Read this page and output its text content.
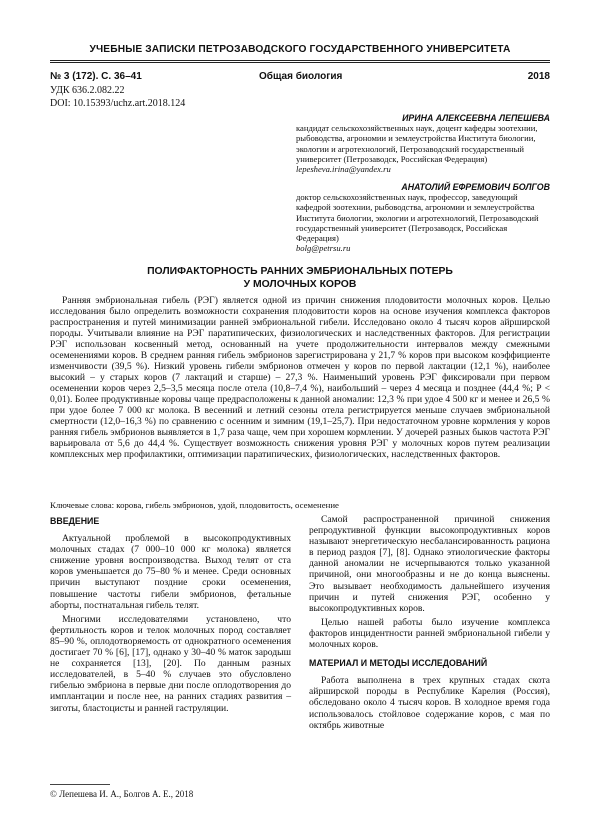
УЧЕБНЫЕ ЗАПИСКИ ПЕТРОЗАВОДСКОГО ГОСУДАРСТВЕННОГО УНИВЕРСИТЕТА
№ 3 (172). С. 36–41	Общая биология	2018
УДК 636.2.082.22
DOI: 10.15393/uchz.art.2018.124
ИРИНА АЛЕКСЕЕВНА ЛЕПЕШЕВА
кандидат сельскохозяйственных наук, доцент кафедры зоотехнии, рыбоводства, агрономии и землеустройства Института биологии, экологии и агротехнологий, Петрозаводский государственный университет (Петрозаводск, Российская Федерация)
lepesheva.irina@yandex.ru
АНАТОЛИЙ ЕФРЕМОВИЧ БОЛГОВ
доктор сельскохозяйственных наук, профессор, заведующий кафедрой зоотехнии, рыбоводства, агрономии и землеустройства Института биологии, экологии и агротехнологий, Петрозаводский государственный университет (Петрозаводск, Российская Федерация)
bolg@petrsu.ru
ПОЛИФАКТОРНОСТЬ РАННИХ ЭМБРИОНАЛЬНЫХ ПОТЕРЬ
У МОЛОЧНЫХ КОРОВ
Ранняя эмбриональная гибель (РЭГ) является одной из причин снижения плодовитости молочных коров. Целью исследования было определить возможности сохранения плодовитости коров на основе изучения комплекса факторов распространения и путей минимизации ранней эмбриональной гибели. Исследовано около 4 тысяч коров айрширской породы. Учитывали влияние на РЭГ паратипических, физиологических и наследственных факторов. Для регистрации РЭГ использован косвенный метод, основанный на учете продолжительности интервалов между смежными осеменениями коров. В среднем ранняя гибель эмбрионов зарегистрирована у 21,7 % коров при высоком коэффициенте изменчивости (39,5 %). Низкий уровень гибели эмбрионов отмечен у коров по первой лактации (12,1 %), наиболее высокий – у старых коров (7 лактаций и старше) – 27,3 %. Наименьший уровень РЭГ фиксировали при первом осеменении коров через 2,5–3,5 месяца после отела (10,8–7,4 %), наибольший – через 4 месяца и позднее (44,4 %; P < 0,01). Более продуктивные коровы чаще предрасположены к данной аномалии: 12,3 % при удое 4 500 кг и менее и 26,5 % при удое более 7 000 кг молока. В весенний и летний сезоны отела регистрируется меньше случаев эмбриональной смертности (12,0–16,3 %) по сравнению с осенним и зимним (19,1–25,7). При недостаточном уровне кормления у коров ранняя гибель эмбрионов выявляется в 1,7 раза чаще, чем при хорошем кормлении. У дочерей разных быков частота РЭГ варьировала от 5,6 до 44,4 %. Существует возможность снижения уровня РЭГ у молочных коров путем реализации комплексных мер профилактики, оптимизации паратипических, физиологических, наследственных факторов.
Ключевые слова: корова, гибель эмбрионов, удой, плодовитость, осеменение
ВВЕДЕНИЕ

Актуальной проблемой в высокопродуктивных молочных стадах (7 000–10 000 кг молока) является снижение уровня воспроизводства. Выход телят от ста коров уменьшается до 75–80 % и менее. Среди основных причин выступают поздние сроки осеменения, повышение частоты гибели эмбрионов, фетальные аборты, постнатальная гибель телят.

Многими исследователями установлено, что фертильность коров и телок молочных пород составляет 85–90 %, оплодотворяемость от однократного осеменения достигает 70 % [6], [17], однако у 30–40 % маток зародыш не сохраняется [13], [20]. По данным разных исследователей, в 5–40 % случаев это обусловлено гибелью эмбриона в первые дни после оплодотворения до имплантации и после нее, на ранних стадиях развития – зиготы, бластоцисты и ранней гаструляции.

Самой распространенной причиной снижения репродуктивной функции высокопродуктивных коров называют энергетическую несбалансированность рациона в период раздоя [7], [8]. Однако этиологические факторы данной аномалии не исчерпываются только указанной причиной, они многообразны и не до конца выяснены. Это вызывает необходимость дальнейшего изучения причин и путей снижения РЭГ, особенно у высокопродуктивных коров.

Целью нашей работы было изучение комплекса факторов инцидентности ранней эмбриональной гибели у молочных коров.

МАТЕРИАЛ И МЕТОДЫ ИССЛЕДОВАНИЙ

Работа выполнена в трех крупных стадах скота айрширской породы в Республике Карелия (Россия), обследовано около 4 тысяч коров. В холодное время года использовалось стойловое содержание коров, с мая по октябрь животные

© Лепешева И. А., Болгов А. Е., 2018
